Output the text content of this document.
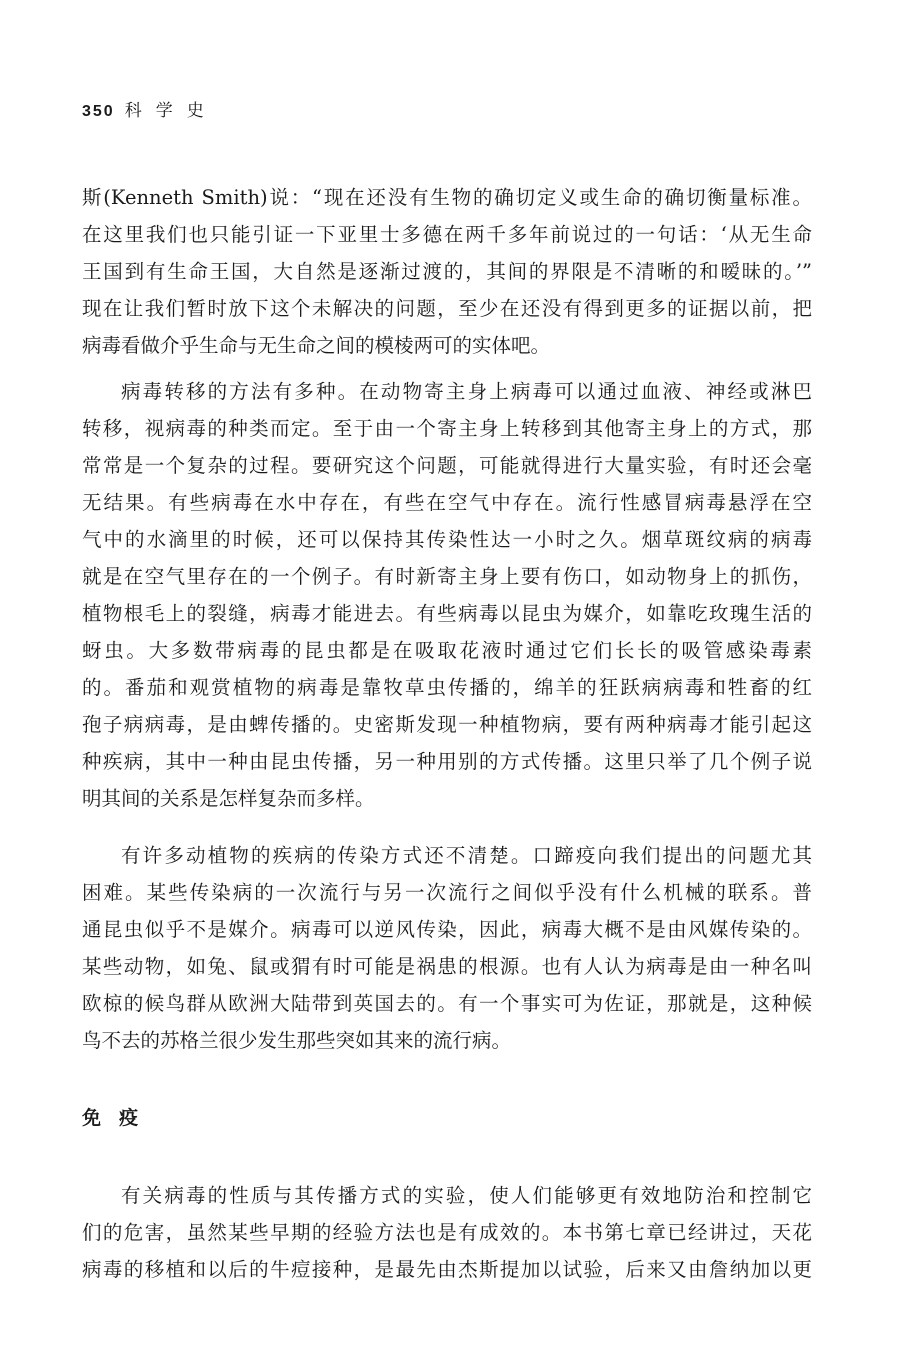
350 科学史
斯(Kenneth Smith)说：“现在还没有生物的确切定义或生命的确切衡量标准。
在这里我们也只能引证一下亚里士多德在两千多年前说过的一句话：‘从无生命
王国到有生命王国，大自然是逐渐过渡的，其间的界限是不清晰的和暧昧的。’”
现在让我们暂时放下这个未解决的问题，至少在还没有得到更多的证据以前，把
病毒看做介乎生命与无生命之间的模棱两可的实体吧。
病毒转移的方法有多种。在动物寄主身上病毒可以通过血液、神经或淋巴
转移，视病毒的种类而定。至于由一个寄主身上转移到其他寄主身上的方式，那
常常是一个复杂的过程。要研究这个问题，可能就得进行大量实验，有时还会毫
无结果。有些病毒在水中存在，有些在空气中存在。流行性感冒病毒悬浮在空
气中的水滴里的时候，还可以保持其传染性达一小时之久。烟草斑纹病的病毒
就是在空气里存在的一个例子。有时新寄主身上要有伤口，如动物身上的抓伤，
植物根毛上的裂缝，病毒才能进去。有些病毒以昆虫为媒介，如靠吃玫瑰生活的
蚜虫。大多数带病毒的昆虫都是在吸取花液时通过它们长长的吸管感染毒素
的。番茄和观赏植物的病毒是靠牧草虫传播的，绵羊的狂跃病病毒和牲畜的红
孢子病病毒，是由蜱传播的。史密斯发现一种植物病，要有两种病毒才能引起这
种疾病，其中一种由昆虫传播，另一种用别的方式传播。这里只举了几个例子说
明其间的关系是怎样复杂而多样。
有许多动植物的疾病的传染方式还不清楚。口蹄疫向我们提出的问题尤其
困难。某些传染病的一次流行与另一次流行之间似乎没有什么机械的联系。普
通昆虫似乎不是媒介。病毒可以逆风传染，因此，病毒大概不是由风媒传染的。
某些动物，如兔、鼠或猬有时可能是祸患的根源。也有人认为病毒是由一种名叫
欧椋的候鸟群从欧洲大陆带到英国去的。有一个事实可为佐证，那就是，这种候
鸟不去的苏格兰很少发生那些突如其来的流行病。
免疫
有关病毒的性质与其传播方式的实验，使人们能够更有效地防治和控制它
们的危害，虽然某些早期的经验方法也是有成效的。本书第七章已经讲过，天花
病毒的移植和以后的牛痘接种，是最先由杰斯提加以试验，后来又由詹纳加以更
